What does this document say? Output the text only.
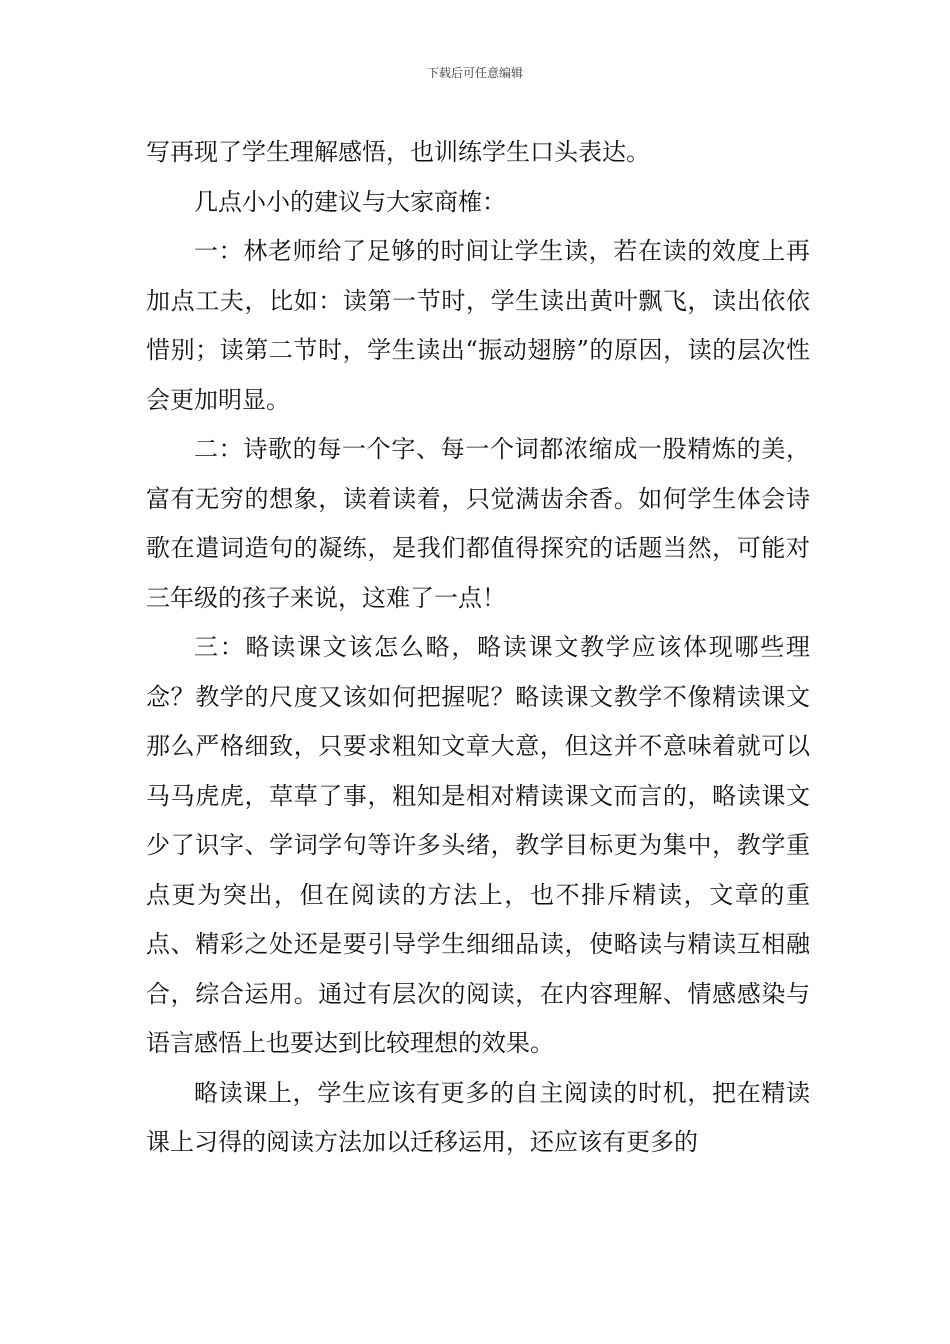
下载后可任意编辑

写再现了学生理解感悟，也训练学生口头表达。

几点小小的建议与大家商榷：

一：林老师给了足够的时间让学生读，若在读的效度上再加点工夫，比如：读第一节时，学生读出黄叶飘飞，读出依依惜别；读第二节时，学生读出“振动翅膀”的原因，读的层次性会更加明显。

二：诗歌的每一个字、每一个词都浓缩成一股精炼的美，富有无穷的想象，读着读着，只觉满齿余香。如何学生体会诗歌在遣词造句的凝练，是我们都值得探究的话题当然，可能对三年级的孩子来说，这难了一点！

三：略读课文该怎么略，略读课文教学应该体现哪些理念？教学的尺度又该如何把握呢？略读课文教学不像精读课文那么严格细致，只要求粗知文章大意，但这并不意味着就可以马马虎虎，草草了事，粗知是相对精读课文而言的，略读课文少了识字、学词学句等许多头绪，教学目标更为集中，教学重点更为突出，但在阅读的方法上，也不排斥精读，文章的重点、精彩之处还是要引导学生细细品读，使略读与精读互相融合，综合运用。通过有层次的阅读，在内容理解、情感感染与语言感悟上也要达到比较理想的效果。

略读课上，学生应该有更多的自主阅读的时机，把在精读课上习得的阅读方法加以迁移运用，还应该有更多的
